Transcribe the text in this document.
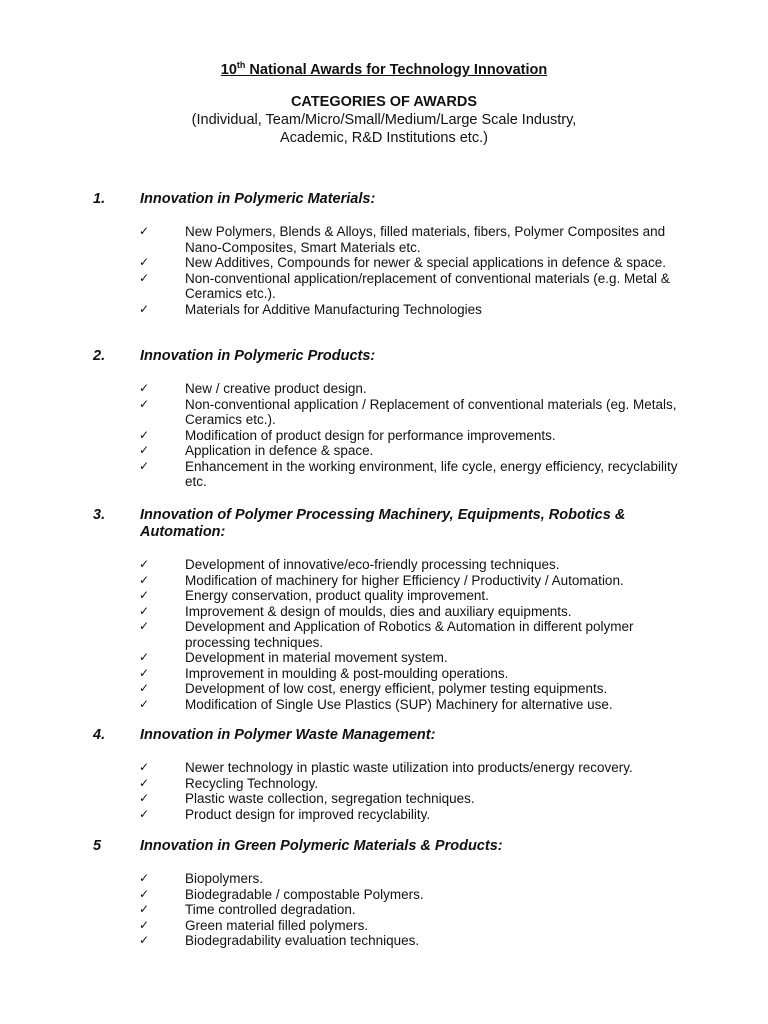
10th National Awards for Technology Innovation
CATEGORIES OF AWARDS
(Individual, Team/Micro/Small/Medium/Large Scale Industry,
Academic, R&D Institutions etc.)
1.	Innovation in Polymeric Materials:
✓	New Polymers, Blends & Alloys, filled materials, fibers, Polymer Composites and Nano-Composites, Smart Materials etc.
✓	New Additives, Compounds for newer & special applications in defence & space.
✓	Non-conventional application/replacement of conventional materials (e.g. Metal & Ceramics etc.).
✓	Materials for Additive Manufacturing Technologies
2.	Innovation in Polymeric Products:
✓	New / creative product design.
✓	Non-conventional application / Replacement of conventional materials (eg. Metals, Ceramics etc.).
✓	Modification of product design for performance improvements.
✓	Application in defence & space.
✓	Enhancement in the working environment, life cycle, energy efficiency, recyclability etc.
3.	Innovation of Polymer Processing Machinery, Equipments, Robotics & Automation:
✓	Development of innovative/eco-friendly processing techniques.
✓	Modification of machinery for higher Efficiency / Productivity / Automation.
✓	Energy conservation, product quality improvement.
✓	Improvement & design of moulds, dies and auxiliary equipments.
✓	Development and Application of Robotics & Automation in different polymer processing techniques.
✓	Development in material movement system.
✓	Improvement in moulding & post-moulding operations.
✓	Development of low cost, energy efficient, polymer testing equipments.
✓	Modification of Single Use Plastics (SUP) Machinery for alternative use.
4.	Innovation in Polymer Waste Management:
✓	Newer technology in plastic waste utilization into products/energy recovery.
✓	Recycling Technology.
✓	Plastic waste collection, segregation techniques.
✓	Product design for improved recyclability.
5	Innovation in Green Polymeric Materials & Products:
✓	Biopolymers.
✓	Biodegradable / compostable Polymers.
✓	Time controlled degradation.
✓	Green material filled polymers.
✓	Biodegradability evaluation techniques.
